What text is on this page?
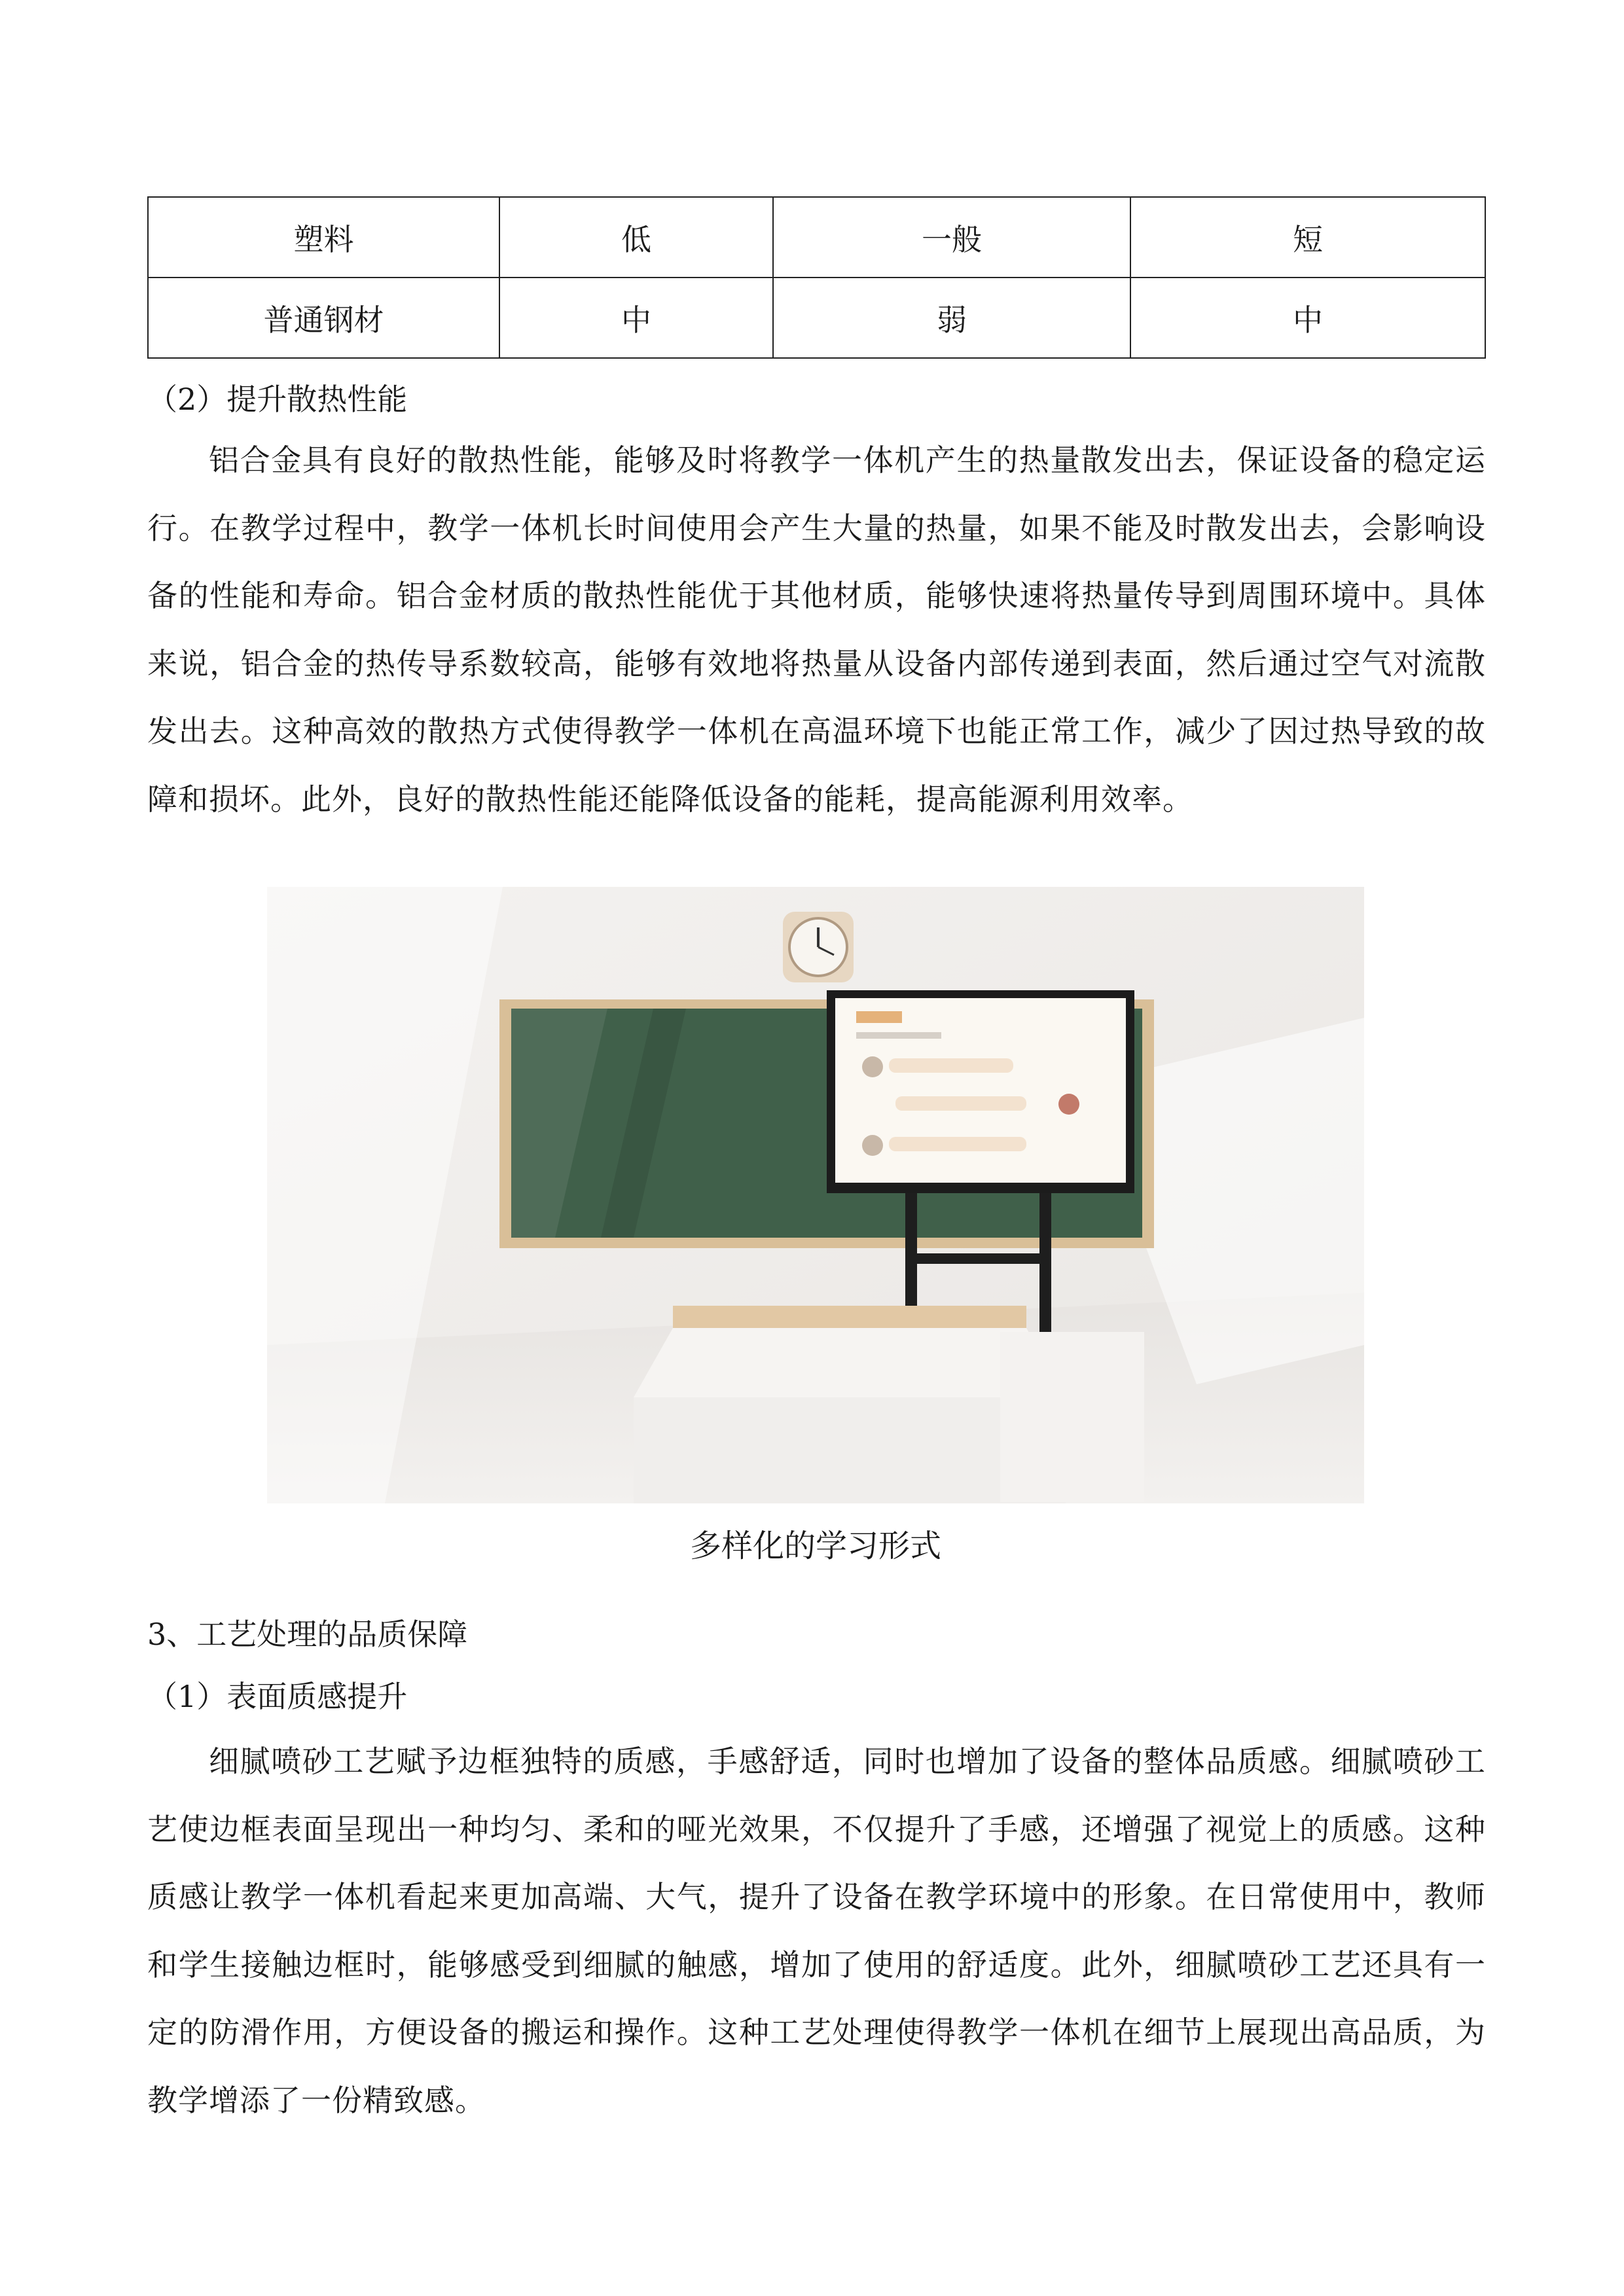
塑料	低	一般	短
普通钢材	中	弱	中
（2）提升散热性能
铝合金具有良好的散热性能，能够及时将教学一体机产生的热量散发出去，保证设备的稳定运行。在教学过程中，教学一体机长时间使用会产生大量的热量，如果不能及时散发出去，会影响设备的性能和寿命。铝合金材质的散热性能优于其他材质，能够快速将热量传导到周围环境中。具体来说，铝合金的热传导系数较高，能够有效地将热量从设备内部传递到表面，然后通过空气对流散发出去。这种高效的散热方式使得教学一体机在高温环境下也能正常工作，减少了因过热导致的故障和损坏。此外，良好的散热性能还能降低设备的能耗，提高能源利用效率。
多样化的学习形式
3、工艺处理的品质保障
（1）表面质感提升
细腻喷砂工艺赋予边框独特的质感，手感舒适，同时也增加了设备的整体品质感。细腻喷砂工艺使边框表面呈现出一种均匀、柔和的哑光效果，不仅提升了手感，还增强了视觉上的质感。这种质感让教学一体机看起来更加高端、大气，提升了设备在教学环境中的形象。在日常使用中，教师和学生接触边框时，能够感受到细腻的触感，增加了使用的舒适度。此外，细腻喷砂工艺还具有一定的防滑作用，方便设备的搬运和操作。这种工艺处理使得教学一体机在细节上展现出高品质，为教学增添了一份精致感。
